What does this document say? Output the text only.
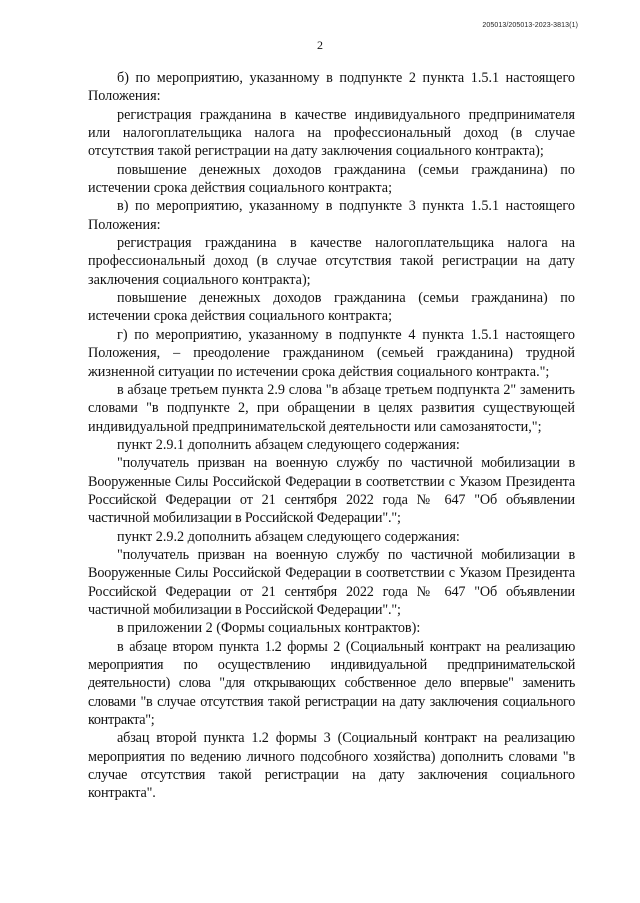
205013/205013-2023-3813(1)
2

б) по мероприятию, указанному в подпункте 2 пункта 1.5.1 настоящего Положения:

регистрация гражданина в качестве индивидуального предпринимателя или налогоплательщика налога на профессиональный доход (в случае отсутствия такой регистрации на дату заключения социального контракта);

повышение денежных доходов гражданина (семьи гражданина) по истечении срока действия социального контракта;

в) по мероприятию, указанному в подпункте 3 пункта 1.5.1 настоящего Положения:

регистрация гражданина в качестве налогоплательщика налога на профессиональный доход (в случае отсутствия такой регистрации на дату заключения социального контракта);

повышение денежных доходов гражданина (семьи гражданина) по истечении срока действия социального контракта;

г) по мероприятию, указанному в подпункте 4 пункта 1.5.1 настоящего Положения, – преодоление гражданином (семьей гражданина) трудной жизненной ситуации по истечении срока действия социального контракта.";

в абзаце третьем пункта 2.9 слова "в абзаце третьем подпункта 2" заменить словами "в подпункте 2, при обращении в целях развития существующей индивидуальной предпринимательской деятельности или самозанятости,";

пункт 2.9.1 дополнить абзацем следующего содержания:

"получатель призван на военную службу по частичной мобилизации в Вооруженные Силы Российской Федерации в соответствии с Указом Президента Российской Федерации от 21 сентября 2022 года № 647 "Об объявлении частичной мобилизации в Российской Федерации".";

пункт 2.9.2 дополнить абзацем следующего содержания:

"получатель призван на военную службу по частичной мобилизации в Вооруженные Силы Российской Федерации в соответствии с Указом Президента Российской Федерации от 21 сентября 2022 года № 647 "Об объявлении частичной мобилизации в Российской Федерации".";

в приложении 2 (Формы социальных контрактов):

в абзаце втором пункта 1.2 формы 2 (Социальный контракт на реализацию мероприятия по осуществлению индивидуальной предпринимательской деятельности) слова "для открывающих собственное дело впервые" заменить словами "в случае отсутствия такой регистрации на дату заключения социального контракта";

абзац второй пункта 1.2 формы 3 (Социальный контракт на реализацию мероприятия по ведению личного подсобного хозяйства) дополнить словами "в случае отсутствия такой регистрации на дату заключения социального контракта".
